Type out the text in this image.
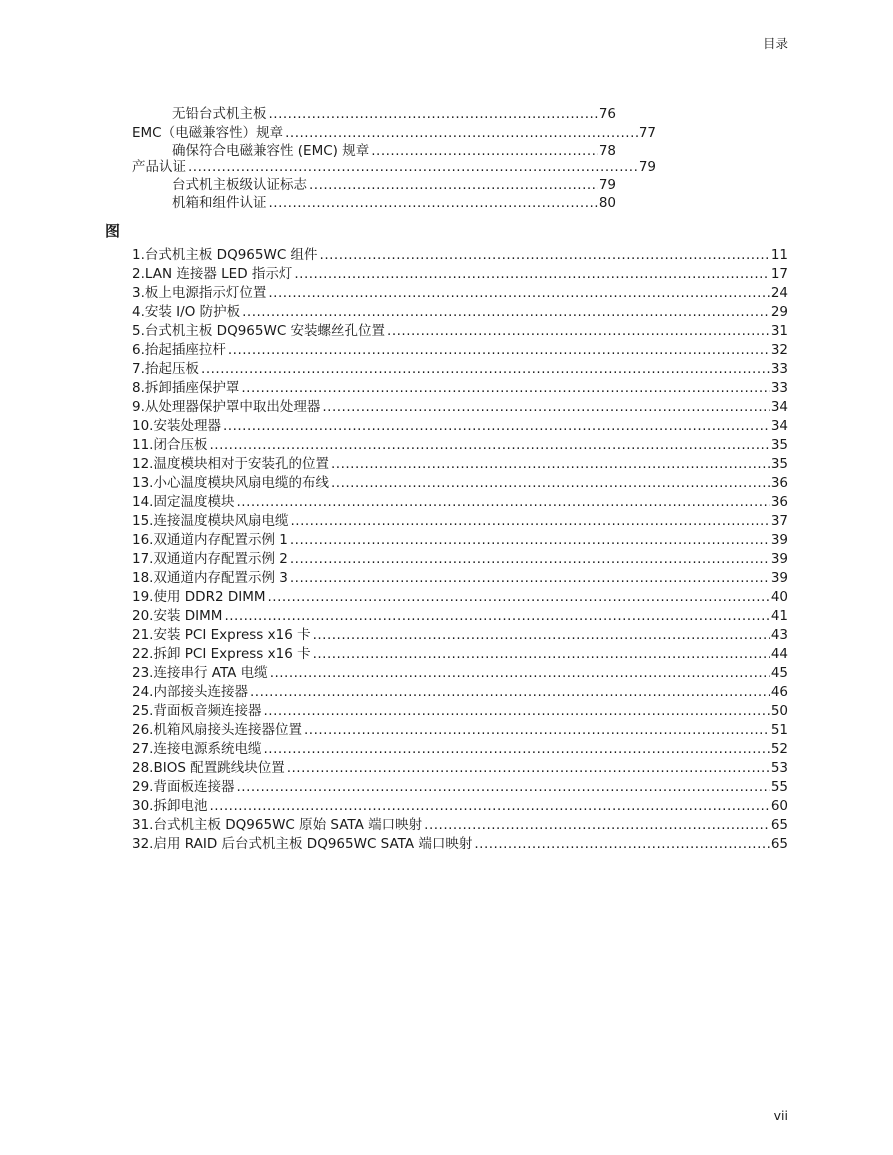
目录
无铅台式机主板 .....	76
EMC（电磁兼容性）规章 .....	77
确保符合电磁兼容性 (EMC) 规章 .....	78
产品认证 .....	79
台式机主板级认证标志 .....	79
机箱和组件认证 .....	80
图
1. 台式机主板 DQ965WC 组件 .....	11
2. LAN 连接器 LED 指示灯 .....	17
3. 板上电源指示灯位置 .....	24
4. 安装 I/O 防护板 .....	29
5. 台式机主板 DQ965WC 安装螺丝孔位置 .....	31
6. 抬起插座拉杆 .....	32
7. 抬起压板 .....	33
8. 拆卸插座保护罩 .....	33
9. 从处理器保护罩中取出处理器 .....	34
10. 安装处理器 .....	34
11. 闭合压板 .....	35
12. 温度模块相对于安装孔的位置 .....	35
13. 小心温度模块风扇电缆的布线 .....	36
14. 固定温度模块 .....	36
15. 连接温度模块风扇电缆 .....	37
16. 双通道内存配置示例 1 .....	39
17. 双通道内存配置示例 2 .....	39
18. 双通道内存配置示例 3 .....	39
19. 使用 DDR2 DIMM .....	40
20. 安装 DIMM .....	41
21. 安装 PCI Express x16 卡 .....	43
22. 拆卸 PCI Express x16 卡 .....	44
23. 连接串行 ATA 电缆 .....	45
24. 内部接头连接器 .....	46
25. 背面板音频连接器 .....	50
26. 机箱风扇接头连接器位置 .....	51
27. 连接电源系统电缆 .....	52
28. BIOS 配置跳线块位置 .....	53
29. 背面板连接器 .....	55
30. 拆卸电池 .....	60
31. 台式机主板 DQ965WC 原始 SATA 端口映射 .....	65
32. 启用 RAID 后台式机主板 DQ965WC SATA 端口映射 .....	65
vii
